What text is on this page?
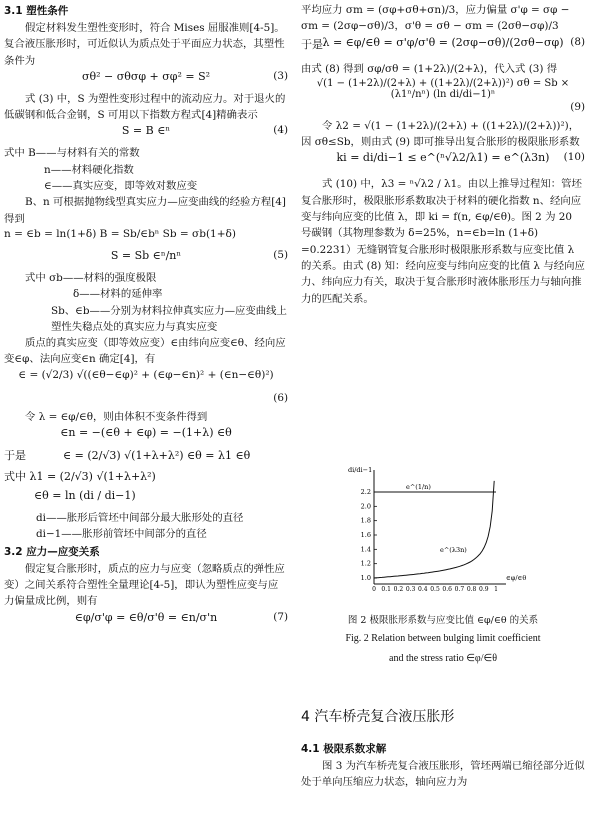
3.1 塑性条件

假定材料发生塑性变形时，符合 Mises 屈服准则[4-5]。复合液压胀形时，可近似认为质点处于平面应力状态，其塑性条件为

σθ² − σθσφ + σφ² = S²	(3)

式 (3) 中，S 为塑性变形过程中的流动应力。对于退火的低碳钢和低合金钢，S 可用以下指数方程式[4]精确表示

S = B ∈ⁿ	(4)

式中 B——与材料有关的常数

n——材料硬化指数

∈——真实应变，即等效对数应变

B、n 可根据抛物线型真实应力—应变曲线的经验方程[4]得到

n = ∈b = ln(1+δ) B = Sb/∈bⁿ Sb = σb(1+δ)
S = Sb ∈ⁿ/nⁿ	(5)

式中 σb——材料的强度极限

δ——材料的延伸率

Sb、∈b——分别为材料拉伸真实应力—应变曲线上塑性失稳点处的真实应力与真实应变

质点的真实应变（即等效应变）∈由纬向应变∈θ、经向应变∈φ、法向应变∈n 确定[4]，有

∈ = (√2/3) √((∈θ−∈φ)² + (∈φ−∈n)² + (∈n−∈θ)²)
(6)

令 λ = ∈φ/∈θ，则由体积不变条件得到

∈n = −(∈θ + ∈φ) = −(1+λ) ∈θ
于是	∈ = (2/√3) √(1+λ+λ²) ∈θ = λ1 ∈θ
式中 λ1 = (2/√3) √(1+λ+λ²)
∈θ = ln (di / di−1)

di——胀形后管坯中间部分最大胀形处的直径

di−1——胀形前管坯中间部分的直径

3.2 应力—应变关系

假定复合胀形时，质点的应力与应变（忽略质点的弹性应变）之间关系符合塑性全量理论[4-5]，即认为塑性应变与应力偏量成比例，则有

∈φ/σ'φ = ∈θ/σ'θ = ∈n/σ'n	(7)

平均应力 σm = (σφ+σθ+σn)/3，应力偏量 σ'φ = σφ − σm = (2σφ−σθ)/3，σ'θ = σθ − σm = (2σθ−σφ)/3

于是 λ = ∈φ/∈θ = σ'φ/σ'θ = (2σφ−σθ)/(2σθ−σφ) (8)

由式 (8) 得到 σφ/σθ = (1+2λ)/(2+λ)，代入式 (3) 得

√(1 − (1+2λ)/(2+λ) + ((1+2λ)/(2+λ))²) σθ = Sb × (λ1ⁿ/nⁿ) (ln di/di−1)ⁿ
(9)

令 λ2 = √(1 − (1+2λ)/(2+λ) + ((1+2λ)/(2+λ))²)，因 σθ≤Sb，则由式 (9) 即可推导出复合胀形的极限胀形系数

ki = di/di−1 ≤ e^(ⁿ√λ2/λ1) = e^(λ3n) (10)

式 (10) 中，λ3 = ⁿ√λ2 / λ1。由以上推导过程知：管坯复合胀形时，极限胀形系数取决于材料的硬化指数 n、经向应变与纬向应变的比值 λ，即 ki = f(n, ∈φ/∈θ)。图 2 为 20 号碳钢（其物理参数为 δ=25%，n=∈b=ln (1+δ) =0.2231）无缝钢管复合胀形时极限胀形系数与应变比值 λ 的关系。由式 (8) 知：经向应变与纬向应变的比值 λ 与经向应力、纬向应力有关，取决于复合胀形时液体胀形压力与轴向推力的匹配关系。

2.2
2.0
1.8
1.6
1.4
1.2
1.0
0 0.1 0.2 0.3 0.4 0.5 0.6 0.7 0.8 0.9 1
di/di−1
∈φ/∈θ
e^(1/n)
e^(λ3n)
图 2 极限胀形系数与应变比值 ∈φ/∈θ 的关系
Fig. 2 Relation between bulging limit coefficient
and the stress ratio ∈φ/∈θ

4 汽车桥壳复合液压胀形

4.1 极限系数求解

图 3 为汽车桥壳复合液压胀形，管坯两端已缩径部分近似处于单向压缩应力状态，轴向应力为
